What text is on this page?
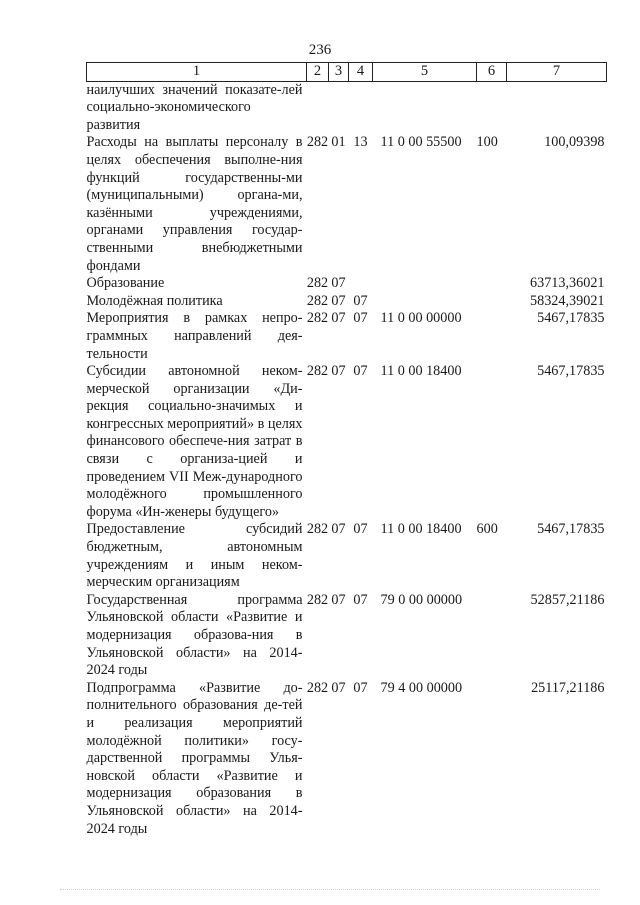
236
1	2	3	4	5	6	7
наилучших значений показате-лей социально-экономического развития						
Расходы на выплаты персоналу в целях обеспечения выполне-ния функций государственны-ми (муниципальными) органа-ми, казёнными учреждениями, органами управления государ-ственными внебюджетными фондами	282	01	13	11 0 00 55500	100	100,09398
Образование	282	07				63713,36021
Молодёжная политика	282	07	07			58324,39021
Мероприятия в рамках непро-граммных направлений дея-тельности	282	07	07	11 0 00 00000		5467,17835
Субсидии автономной неком-мерческой организации «Ди-рекция социально-значимых и конгрессных мероприятий» в целях финансового обеспече-ния затрат в связи с организа-цией и проведением VII Меж-дународного молодёжного промышленного форума «Ин-женеры будущего»	282	07	07	11 0 00 18400		5467,17835
Предоставление субсидий бюджетным, автономным учреждениям и иным неком-мерческим организациям	282	07	07	11 0 00 18400	600	5467,17835
Государственная программа Ульяновской области «Развитие и модернизация образова-ния в Ульяновской области» на 2014-2024 годы	282	07	07	79 0 00 00000		52857,21186
Подпрограмма «Развитие до-полнительного образования де-тей и реализация мероприятий молодёжной политики» госу-дарственной программы Улья-новской области «Развитие и модернизация образования в Ульяновской области» на 2014-2024 годы	282	07	07	79 4 00 00000		25117,21186
